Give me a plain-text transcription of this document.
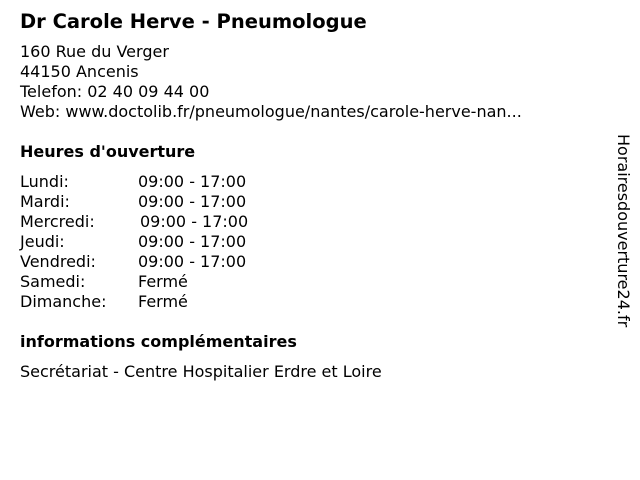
Dr Carole Herve - Pneumologue
160 Rue du Verger
44150 Ancenis
Telefon: 02 40 09 44 00
Web: www.doctolib.fr/pneumologue/nantes/carole-herve-nan...
Heures d'ouverture
Lundi:	09:00 - 17:00
Mardi:	09:00 - 17:00
Mercredi:	09:00 - 17:00
Jeudi:	09:00 - 17:00
Vendredi:	09:00 - 17:00
Samedi:	Fermé
Dimanche:	Fermé
informations complémentaires
Secrétariat - Centre Hospitalier Erdre et Loire
Horairesdouverture24.fr
